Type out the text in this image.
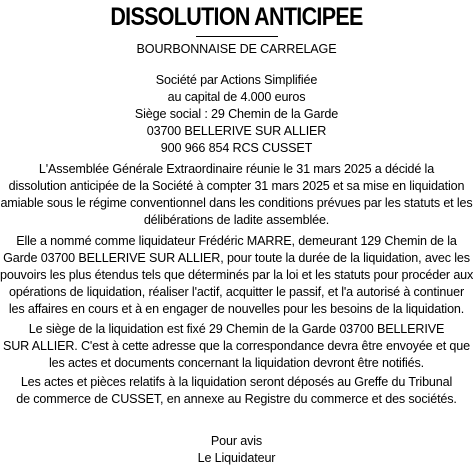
DISSOLUTION ANTICIPEE
BOURBONNAISE DE CARRELAGE
Société par Actions Simplifiée
au capital de 4.000 euros
Siège social : 29 Chemin de la Garde
03700 BELLERIVE SUR ALLIER
900 966 854 RCS CUSSET
L'Assemblée Générale Extraordinaire réunie le 31 mars 2025 a décidé la
dissolution anticipée de la Société à compter 31 mars 2025 et sa mise en liquidation
amiable sous le régime conventionnel dans les conditions prévues par les statuts et les
délibérations de ladite assemblée.
Elle a nommé comme liquidateur Frédéric MARRE, demeurant 129 Chemin de la
Garde 03700 BELLERIVE SUR ALLIER, pour toute la durée de la liquidation, avec les
pouvoirs les plus étendus tels que déterminés par la loi et les statuts pour procéder aux
opérations de liquidation, réaliser l'actif, acquitter le passif, et l'a autorisé à continuer
les affaires en cours et à en engager de nouvelles pour les besoins de la liquidation.
Le siège de la liquidation est fixé 29 Chemin de la Garde 03700 BELLERIVE
SUR ALLIER. C'est à cette adresse que la correspondance devra être envoyée et que
les actes et documents concernant la liquidation devront être notifiés.
Les actes et pièces relatifs à la liquidation seront déposés au Greffe du Tribunal
de commerce de CUSSET, en annexe au Registre du commerce et des sociétés.
Pour avis
Le Liquidateur
